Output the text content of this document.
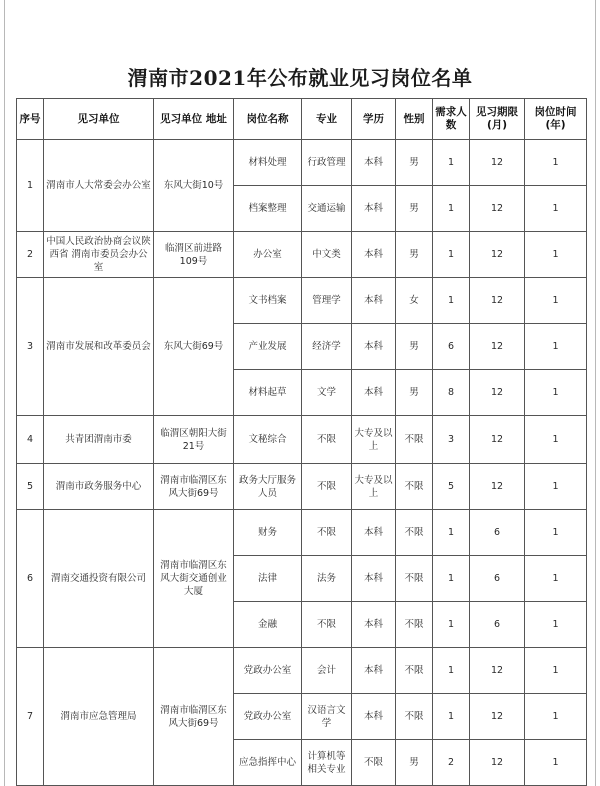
渭南市2021年公布就业见习岗位名单
序号	见习单位	见习单位 地址	岗位名称	专业	学历	性别	需求人数	见习期限(月)	岗位时间(年)
1	渭南市人大常委会办公室	东风大街10号	材料处理	行政管理	本科	男	1	12	1
			档案整理	交通运输	本科	男	1	12	1
2	中国人民政治协商会议陕西省 渭南市委员会办公室	临渭区前进路109号	办公室	中文类	本科	男	1	12	1
3	渭南市发展和改革委员会	东风大街69号	文书档案	管理学	本科	女	1	12	1
			产业发展	经济学	本科	男	6	12	1
			材料起草	文学	本科	男	8	12	1
4	共青团渭南市委	临渭区朝阳大街21号	文秘综合	不限	大专及以上	不限	3	12	1
5	渭南市政务服务中心	渭南市临渭区东风大街69号	政务大厅服务人员	不限	大专及以上	不限	5	12	1
6	渭南交通投资有限公司	渭南市临渭区东风大街交通创业大厦	财务	不限	本科	不限	1	6	1
			法律	法务	本科	不限	1	6	1
			金融	不限	本科	不限	1	6	1
7	渭南市应急管理局	渭南市临渭区东风大街69号	党政办公室	会计	本科	不限	1	12	1
			党政办公室	汉语言文学	本科	不限	1	12	1
			应急指挥中心	计算机等相关专业	不限	男	2	12	1
